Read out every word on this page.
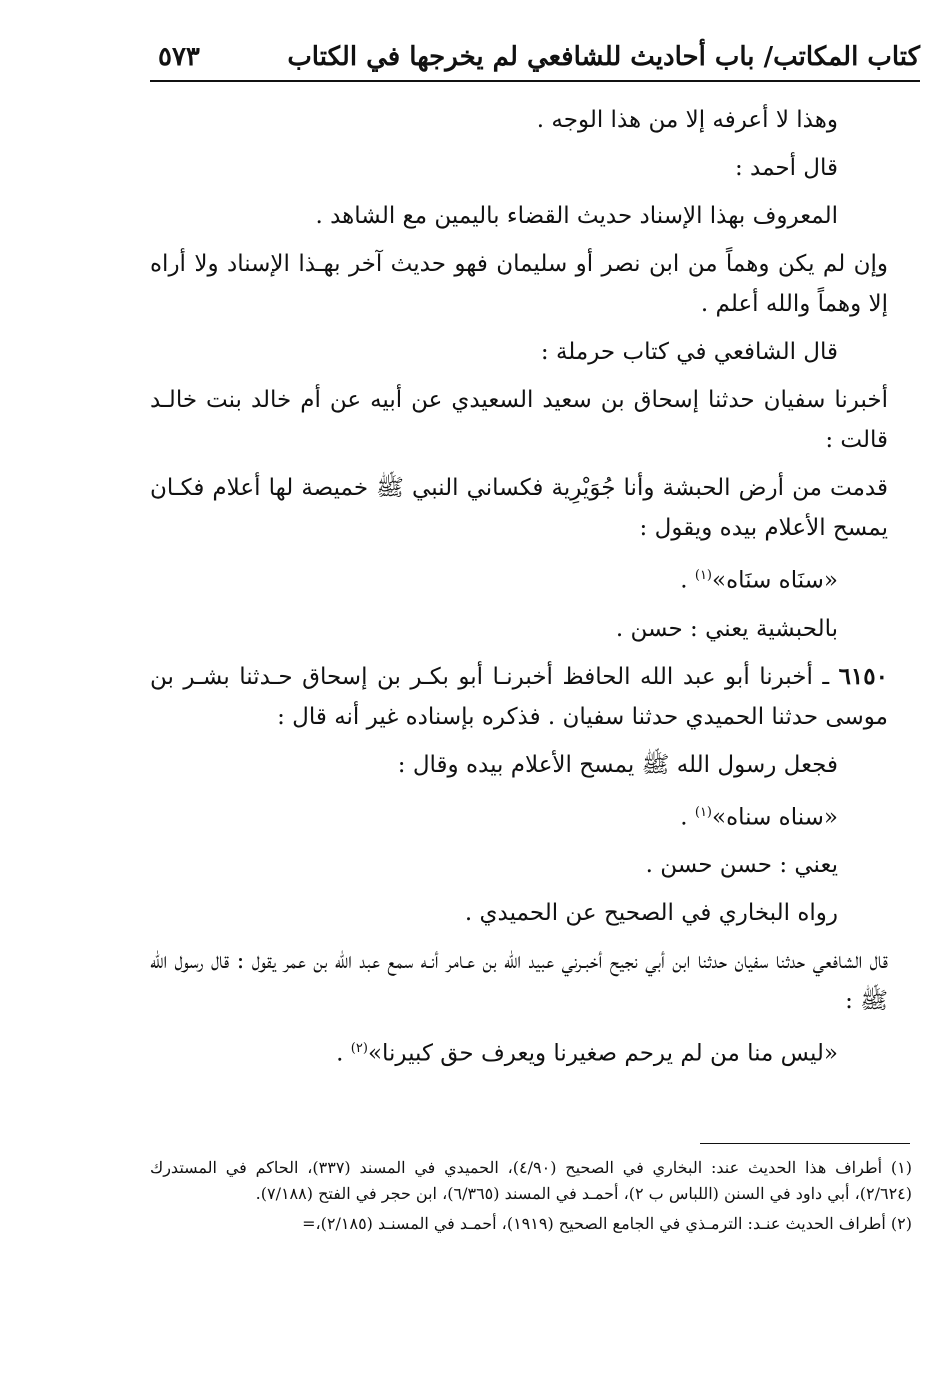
كتاب المكاتب/ باب أحاديث للشافعي لم يخرجها في الكتاب
٥٧٣

وهذا لا أعرفه إلا من هذا الوجه .

قال أحمد :

المعروف بهذا الإسناد حديث القضاء باليمين مع الشاهد .

وإن لم يكن وهماً من ابن نصر أو سليمان فهو حديث آخر بهـذا الإسناد ولا أراه إلا وهماً والله أعلم .

قال الشافعي في كتاب حرملة :

أخبرنا سفيان حدثنا إسحاق بن سعيد السعيدي عن أبيه عن أم خالد بنت خالـد قالت :

قدمت من أرض الحبشة وأنا جُوَيْرِية فكساني النبي ﷺ خميصة لها أعلام فكـان يمسح الأعلام بيده ويقول :

«سنَاه سنَاه»$^{(١)}$ .

بالحبشية يعني : حسن .

٦١٥٠ ـ أخبرنا أبو عبد الله الحافظ أخبرنـا أبو بكـر بن إسحاق حـدثنا بشـر بن موسى حدثنا الحميدي حدثنا سفيان . فذكره بإسناده غير أنه قال :

فجعل رسول الله ﷺ يمسح الأعلام بيده وقال :

«سناه سناه»$^{(١)}$ .

يعني : حسن حسن .

رواه البخاري في الصحيح عن الحميدي .

قال الشافعي حدثنا سفيان حدثنا ابن أبي نجيح أخبـرني عبيد الله بن عـامر أنـه سمع عبد الله بن عمر يقول : قال رسول الله ﷺ :

«ليس منا من لم يرحم صغيرنا ويعرف حق كبيرنا»$^{(٢)}$ .

(١) أطراف هذا الحديث عند: البخاري في الصحيح (٤/٩٠)، الحميدي في المسند (٣٣٧)، الحاكم في المستدرك (٢/٦٢٤)، أبي داود في السنن (اللباس ب ٢)، أحمـد في المسند (٦/٣٦٥)، ابن حجر في الفتح (٧/١٨٨).

(٢) أطراف الحديث عنـد: الترمـذي في الجامع الصحيح (١٩١٩)، أحمـد في المسنـد (٢/١٨٥)،=
